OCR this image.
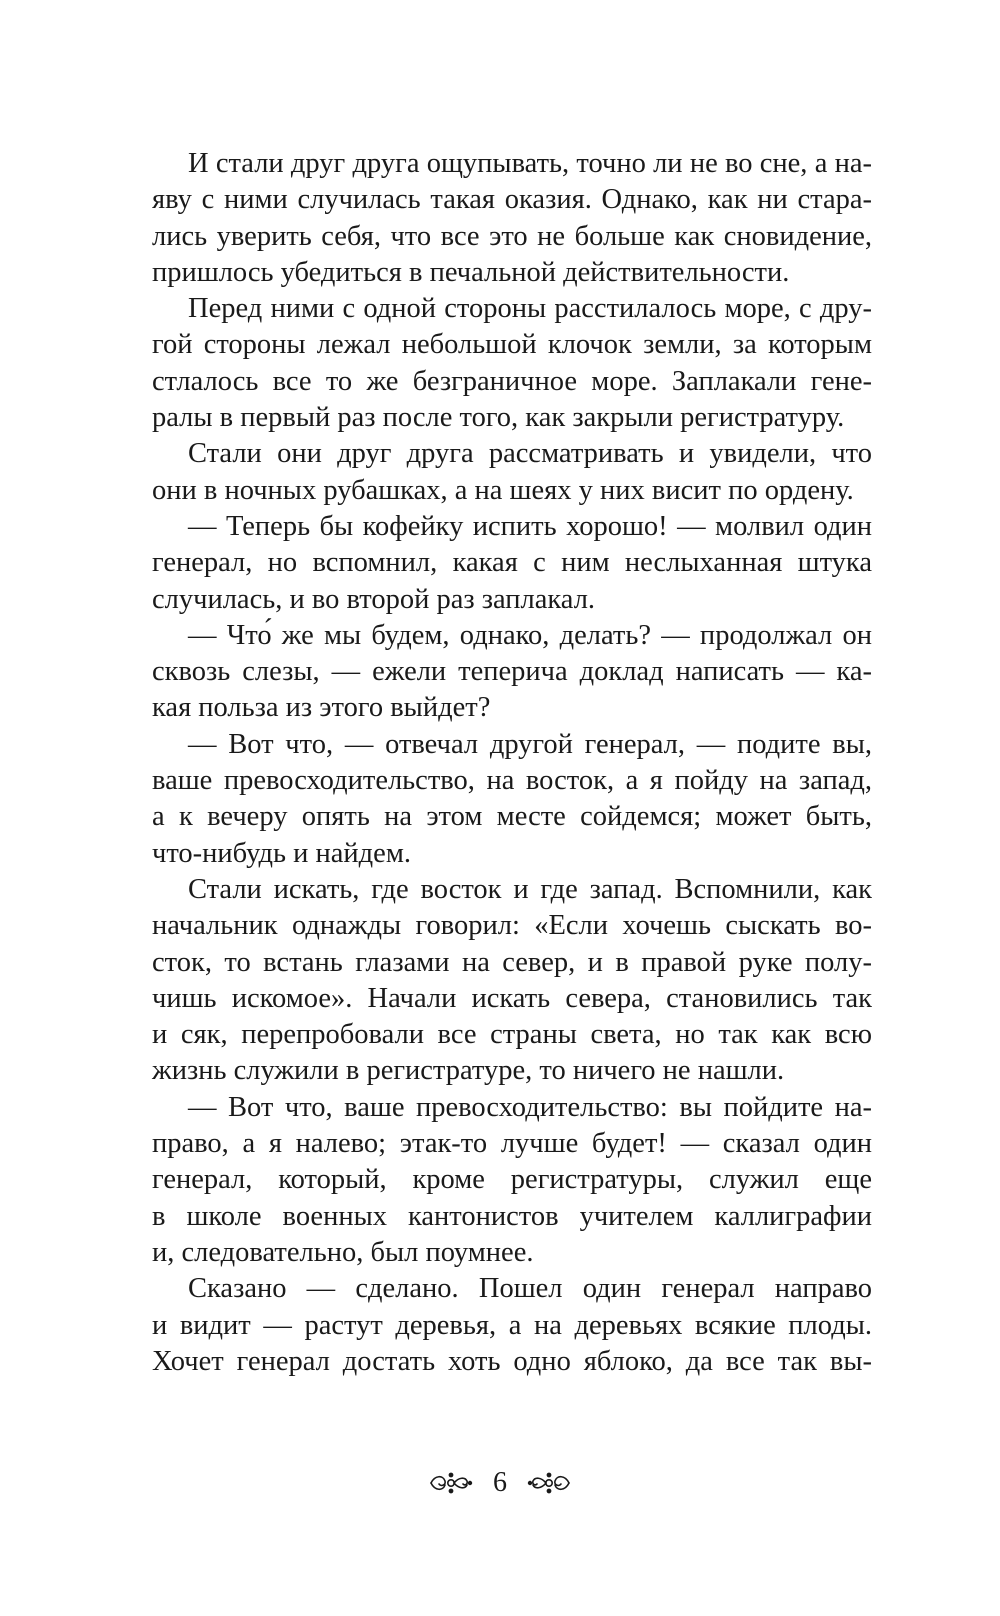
И стали друг друга ощупывать, точно ли не во сне, а на-
яву с ними случилась такая оказия. Однако, как ни стара-
лись уверить себя, что все это не больше как сновидение,
пришлось убедиться в печальной действительности.
Перед ними с одной стороны расстилалось море, с дру-
гой стороны лежал небольшой клочок земли, за которым
стлалось все то же безграничное море. Заплакали гене-
ралы в первый раз после того, как закрыли регистратуру.
Стали они друг друга рассматривать и увидели, что
они в ночных рубашках, а на шеях у них висит по ордену.
— Теперь бы кофейку испить хорошо! — молвил один
генерал, но вспомнил, какая с ним неслыханная штука
случилась, и во второй раз заплакал.
— Что́ же мы будем, однако, делать? — продолжал он
сквозь слезы, — ежели теперича доклад написать — ка-
кая польза из этого выйдет?
— Вот что, — отвечал другой генерал, — подите вы,
ваше превосходительство, на восток, а я пойду на запад,
а к вечеру опять на этом месте сойдемся; может быть,
что-нибудь и найдем.
Стали искать, где восток и где запад. Вспомнили, как
начальник однажды говорил: «Если хочешь сыскать во-
сток, то встань глазами на север, и в правой руке полу-
чишь искомое». Начали искать севера, становились так
и сяк, перепробовали все страны света, но так как всю
жизнь служили в регистратуре, то ничего не нашли.
— Вот что, ваше превосходительство: вы пойдите на-
право, а я налево; этак-то лучше будет! — сказал один
генерал, который, кроме регистратуры, служил еще
в школе военных кантонистов учителем каллиграфии
и, следовательно, был поумнее.
Сказано — сделано. Пошел один генерал направо
и видит — растут деревья, а на деревьях всякие плоды.
Хочет генерал достать хоть одно яблоко, да все так вы-
6
